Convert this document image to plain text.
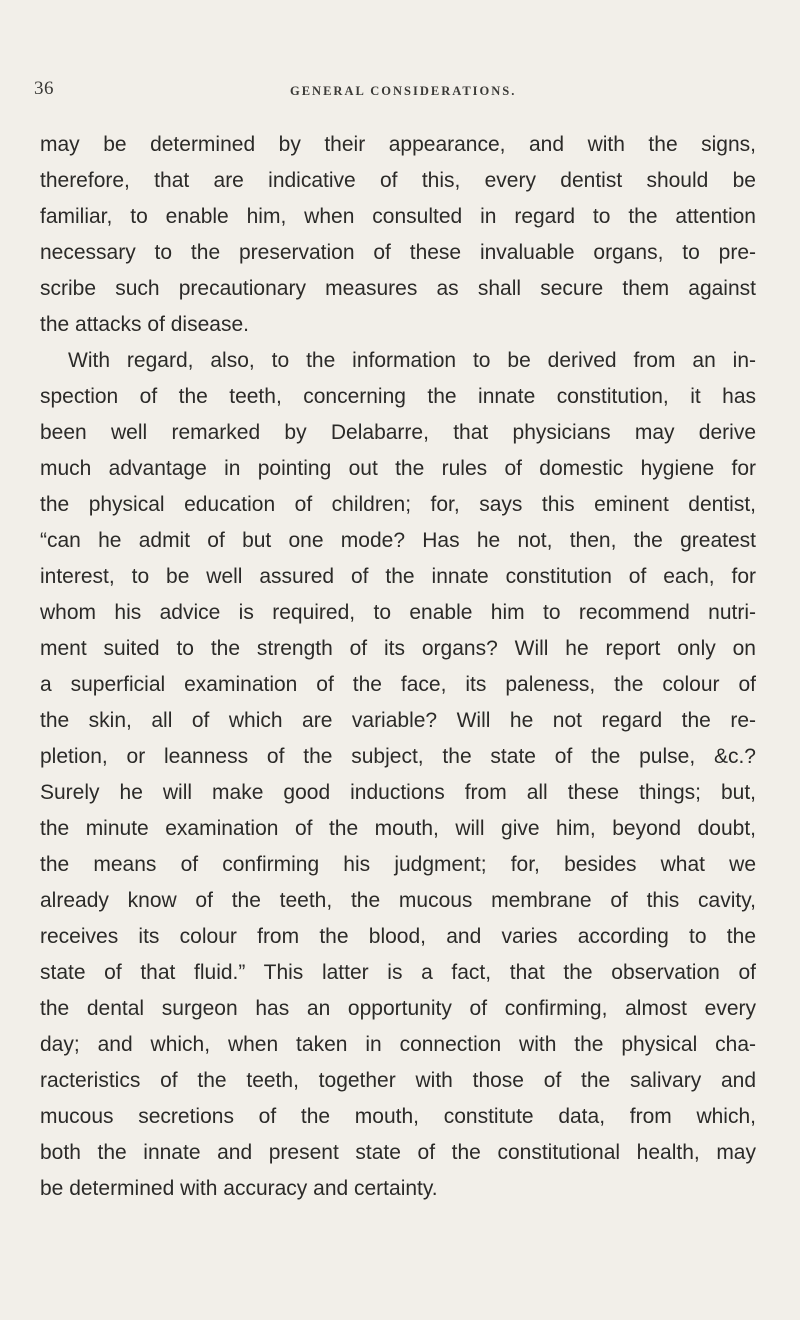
36	GENERAL CONSIDERATIONS.
may be determined by their appearance, and with the signs,
therefore, that are indicative of this, every dentist should be
familiar, to enable him, when consulted in regard to the attention
necessary to the preservation of these invaluable organs, to pre-
scribe such precautionary measures as shall secure them against
the attacks of disease.
With regard, also, to the information to be derived from an in-
spection of the teeth, concerning the innate constitution, it has
been well remarked by Delabarre, that physicians may derive
much advantage in pointing out the rules of domestic hygiene for
the physical education of children; for, says this eminent dentist,
“can he admit of but one mode? Has he not, then, the greatest
interest, to be well assured of the innate constitution of each, for
whom his advice is required, to enable him to recommend nutri-
ment suited to the strength of its organs? Will he report only on
a superficial examination of the face, its paleness, the colour of
the skin, all of which are variable? Will he not regard the re-
pletion, or leanness of the subject, the state of the pulse, &c.?
Surely he will make good inductions from all these things; but,
the minute examination of the mouth, will give him, beyond doubt,
the means of confirming his judgment; for, besides what we
already know of the teeth, the mucous membrane of this cavity,
receives its colour from the blood, and varies according to the
state of that fluid.” This latter is a fact, that the observation of
the dental surgeon has an opportunity of confirming, almost every
day; and which, when taken in connection with the physical cha-
racteristics of the teeth, together with those of the salivary and
mucous secretions of the mouth, constitute data, from which,
both the innate and present state of the constitutional health, may
be determined with accuracy and certainty.
